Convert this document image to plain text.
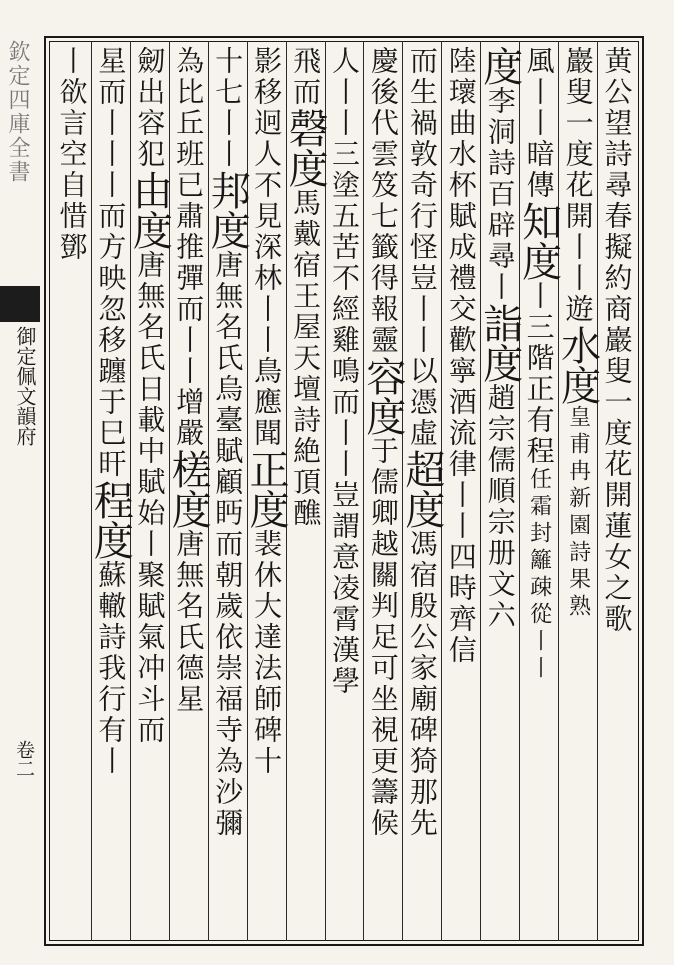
欽定四庫全書
御定佩文韻府
卷二
黄公望詩尋春擬約商巖叟一度花開蓮女之歌
巖叟一度花開丨丨遊水度皇甫冉新園詩果熟
風丨丨暗傳知度丨三階正有程任霜封籬疎從丨丨
度李洞詩百辟尋丨詣度趙宗儒順宗册文六
陸瓌曲水杯賦成禮交歡寧酒流律丨丨四時齊信
而生禍敦奇行怪豈丨丨以憑虛超度馮宿殷公家廟碑猗那先
慶後代雲笈七籤得報靈容度于儒卿越關判足可坐視更籌候
人丨丨三塗五苦不經雞鳴而丨丨豈謂意凌霄漢學
飛而磬度馬戴宿王屋天壇詩絶頂醮
影移迥人不見深林丨丨鳥應聞正度裴休大達法師碑十
十七丨丨邦度唐無名氏烏臺賦顧眄而朝歲依崇福寺為沙彌
為比丘班已肅推彈而丨丨增嚴槎度唐無名氏德星
劒出容犯由度唐無名氏日載中賦始丨聚賦氣冲斗而
星而丨丨丨而方映忽移躔于巳旰程度蘇轍詩我行有丨
丨欲言空自惜鄧
